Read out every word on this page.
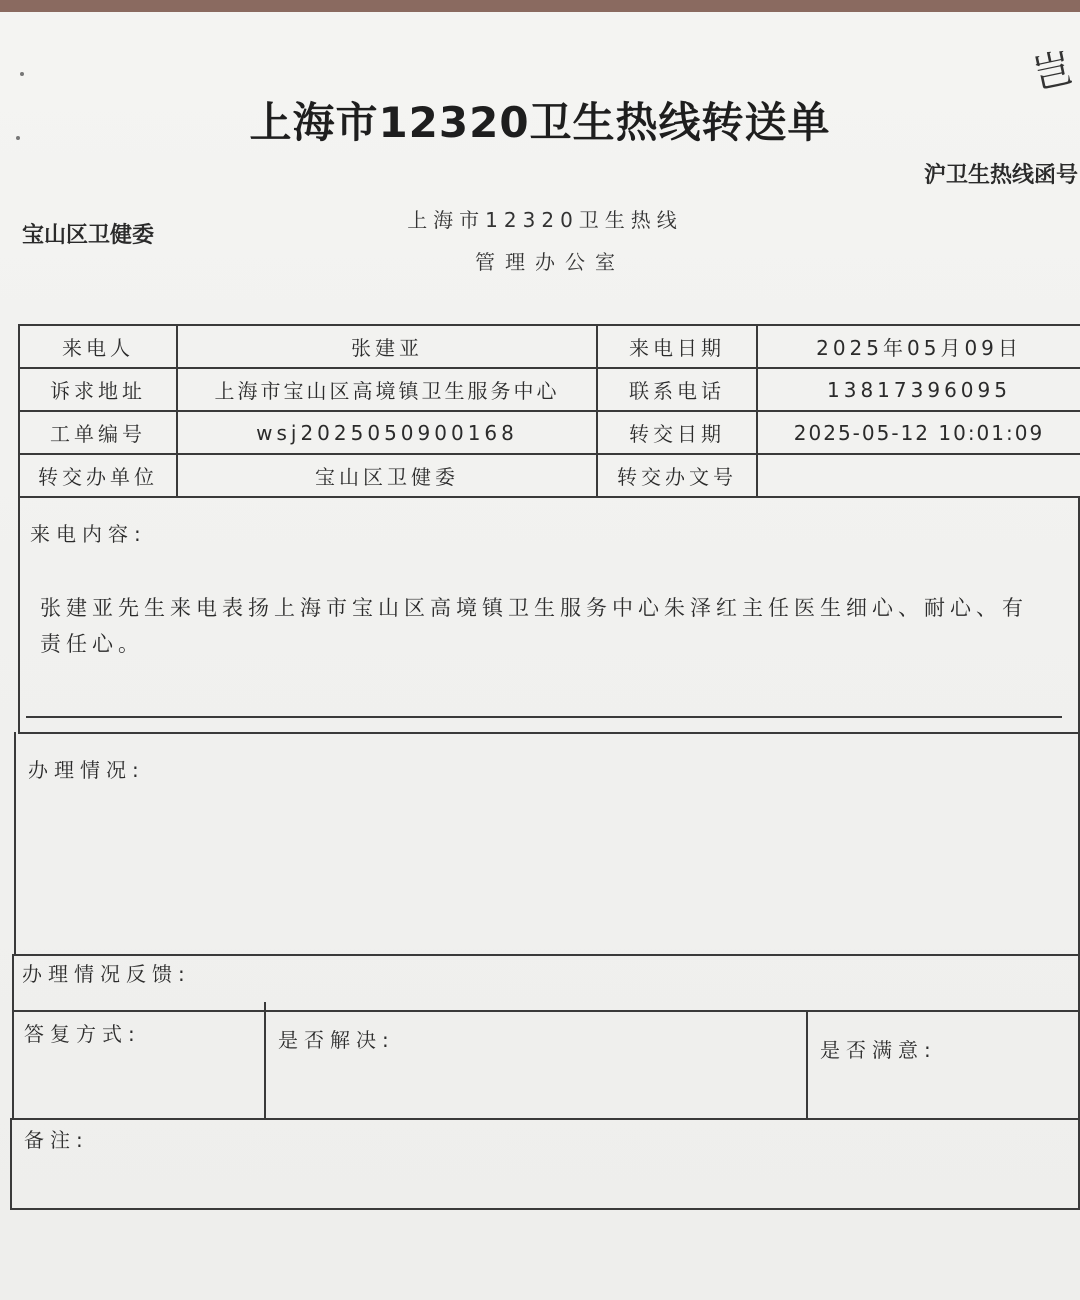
岂
上海市12320卫生热线转送单
沪卫生热线函号
宝山区卫健委
上海市12320卫生热线
管理办公室
来电人	张建亚	来电日期	2025年05月09日
诉求地址	上海市宝山区高境镇卫生服务中心	联系电话	13817396095
工单编号	wsj2025050900168	转交日期	2025-05-12 10:01:09
转交办单位	宝山区卫健委	转交办文号	
来电内容:
张建亚先生来电表扬上海市宝山区高境镇卫生服务中心朱泽红主任医生细心、耐心、有责任心。
办理情况:
办理情况反馈:
答复方式:	是否解决:	是否满意:
备注:
